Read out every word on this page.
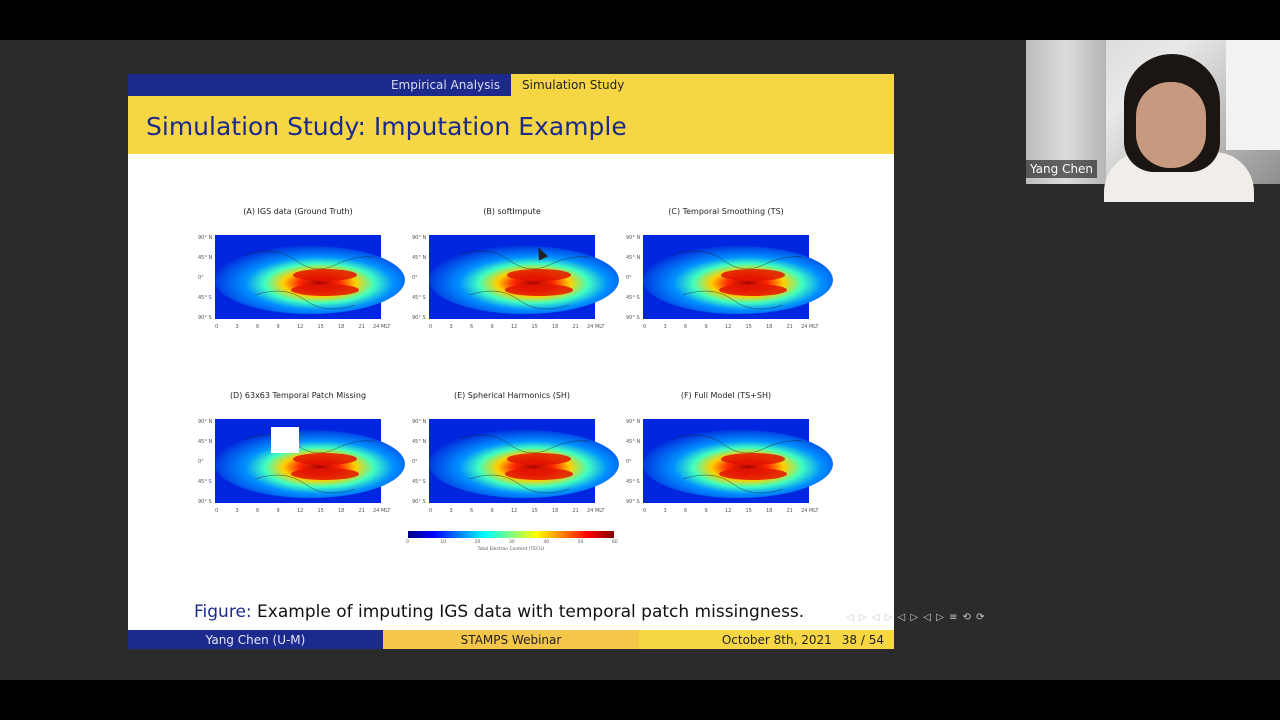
Empirical Analysis	Simulation Study
Simulation Study: Imputation Example
(A) IGS data (Ground Truth)
90° N
45° N
0°
45° S
90° S
0	3	6	9	12	15	18	21 24 MLT
(B) softImpute
90° N
45° N
0°
45° S
90° S
0	3	6	9	12	15	18	21 24 MLT
(C) Temporal Smoothing (TS)
90° N
45° N
0°
45° S
90° S
0	3	6	9	12	15	18	21 24 MLT
(D) 63x63 Temporal Patch Missing
90° N
45° N
0°
45° S
90° S
0	3	6	9	12	15	18	21 24 MLT
(E) Spherical Harmonics (SH)
90° N
45° N
0°
45° S
90° S
0	3	6	9	12	15	18	21 24 MLT
(F) Full Model (TS+SH)
90° N
45° N
0°
45° S
90° S
0	3	6	9	12	15	18	21 24 MLT
0	10	20	30	40	50	60
Total Electron Content (TECU)
Figure: Example of imputing IGS data with temporal patch missingness.	◁ ▷ ◁ ▷ ◁ ▷ ◁ ▷ ≡ ⟲ ⟳
Yang Chen (U-M)	STAMPS Webinar	October 8th, 2021 38 / 54
Yang Chen
